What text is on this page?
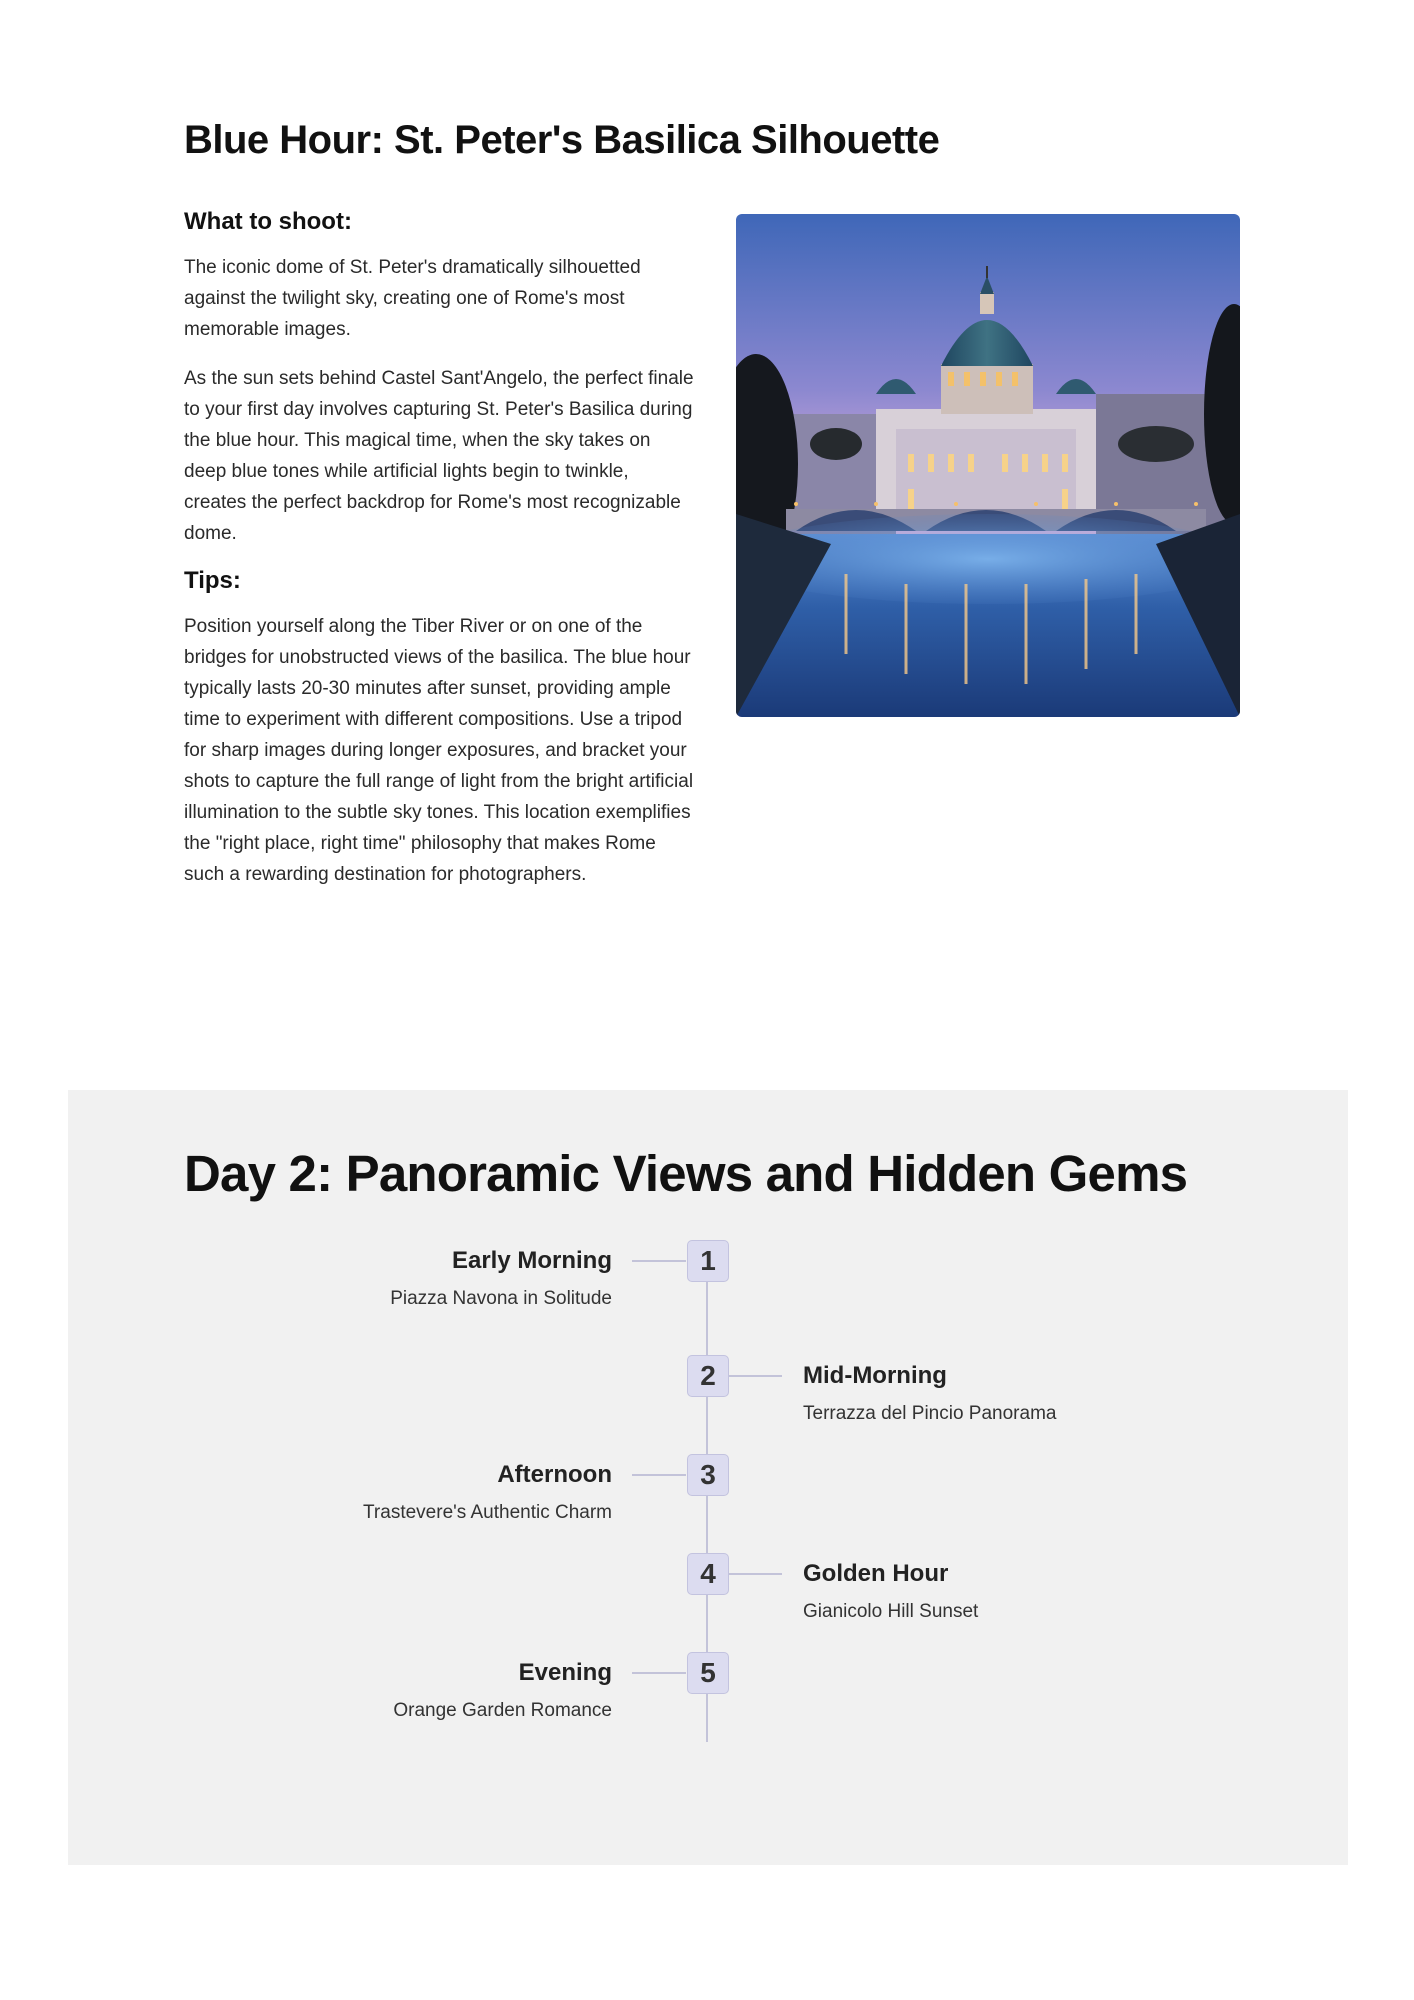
Blue Hour: St. Peter's Basilica Silhouette
What to shoot:

The iconic dome of St. Peter's dramatically silhouetted against the twilight sky, creating one of Rome's most memorable images.

As the sun sets behind Castel Sant'Angelo, the perfect finale to your first day involves capturing St. Peter's Basilica during the blue hour. This magical time, when the sky takes on deep blue tones while artificial lights begin to twinkle, creates the perfect backdrop for Rome's most recognizable dome.

Tips:

Position yourself along the Tiber River or on one of the bridges for unobstructed views of the basilica. The blue hour typically lasts 20-30 minutes after sunset, providing ample time to experiment with different compositions. Use a tripod for sharp images during longer exposures, and bracket your shots to capture the full range of light from the bright artificial illumination to the subtle sky tones. This location exemplifies the "right place, right time" philosophy that makes Rome such a rewarding destination for photographers.

Day 2: Panoramic Views and Hidden Gems
1
Early Morning
Piazza Navona in Solitude
2	Mid-Morning
Terrazza del Pincio Panorama
3
Afternoon
Trastevere's Authentic Charm
4	Golden Hour
Gianicolo Hill Sunset
5
Evening
Orange Garden Romance
